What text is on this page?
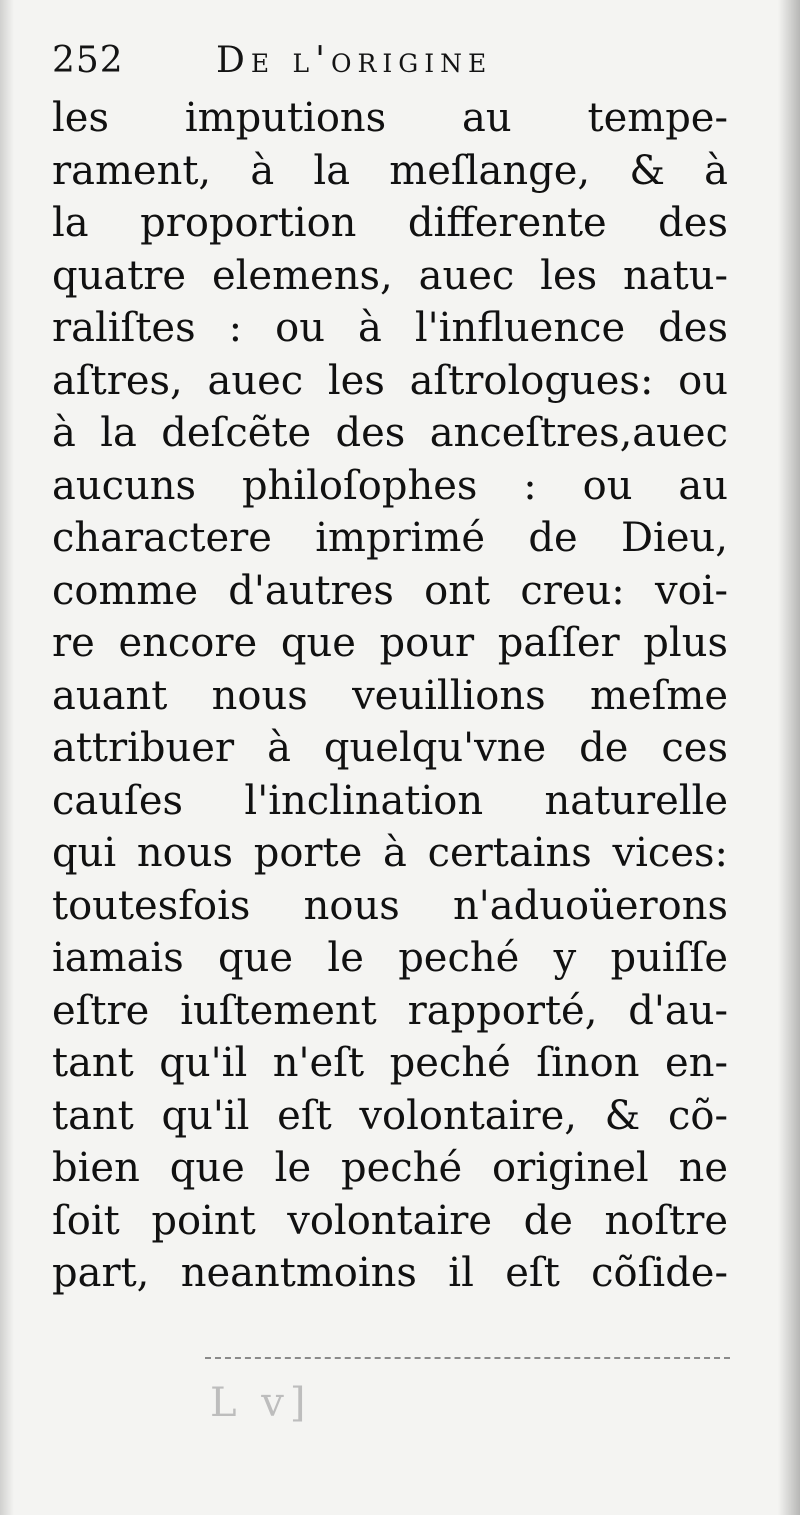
252	De l'origine
les imputions au tempe-
rament, à la meſlange, & à
la proportion differente des
quatre elemens, auec les natu-
raliſtes : ou à l'influence des
aſtres, auec les aſtrologues: ou
à la deſcẽte des anceſtres,auec
aucuns philoſophes : ou au
charactere imprimé de Dieu,
comme d'autres ont creu: voi-
re encore que pour paſſer plus
auant nous veuillions meſme
attribuer à quelqu'vne de ces
cauſes l'inclination naturelle
qui nous porte à certains vices:
toutesfois nous n'aduoüerons
iamais que le peché y puiſſe
eſtre iuſtement rapporté, d'au-
tant qu'il n'eſt peché ſinon en-
tant qu'il eſt volontaire, & cõ-
bien que le peché originel ne
ſoit point volontaire de noſtre
part, neantmoins il eſt cõſide-
L v]
